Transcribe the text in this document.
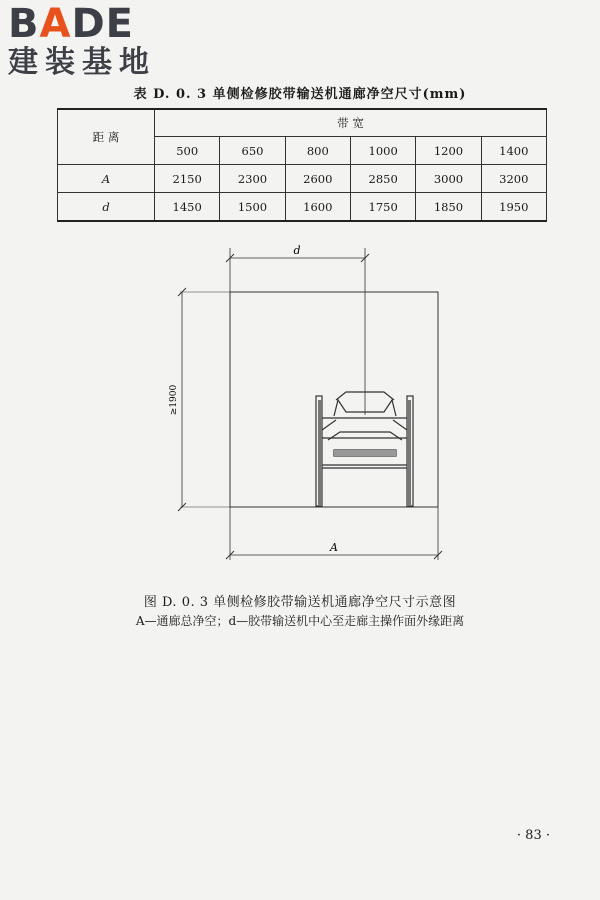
BADE
建装基地
表 D. 0. 3 单侧检修胶带输送机通廊净空尺寸(mm)
距 离	带 宽					
	500	650	800	1000	1200	1400
A	2150	2300	2600	2850	3000	3200
d	1450	1500	1600	1750	1850	1950
d
≥1900
A
图 D. 0. 3 单侧检修胶带输送机通廊净空尺寸示意图
A—通廊总净空；d—胶带输送机中心至走廊主操作面外缘距离
· 83 ·
